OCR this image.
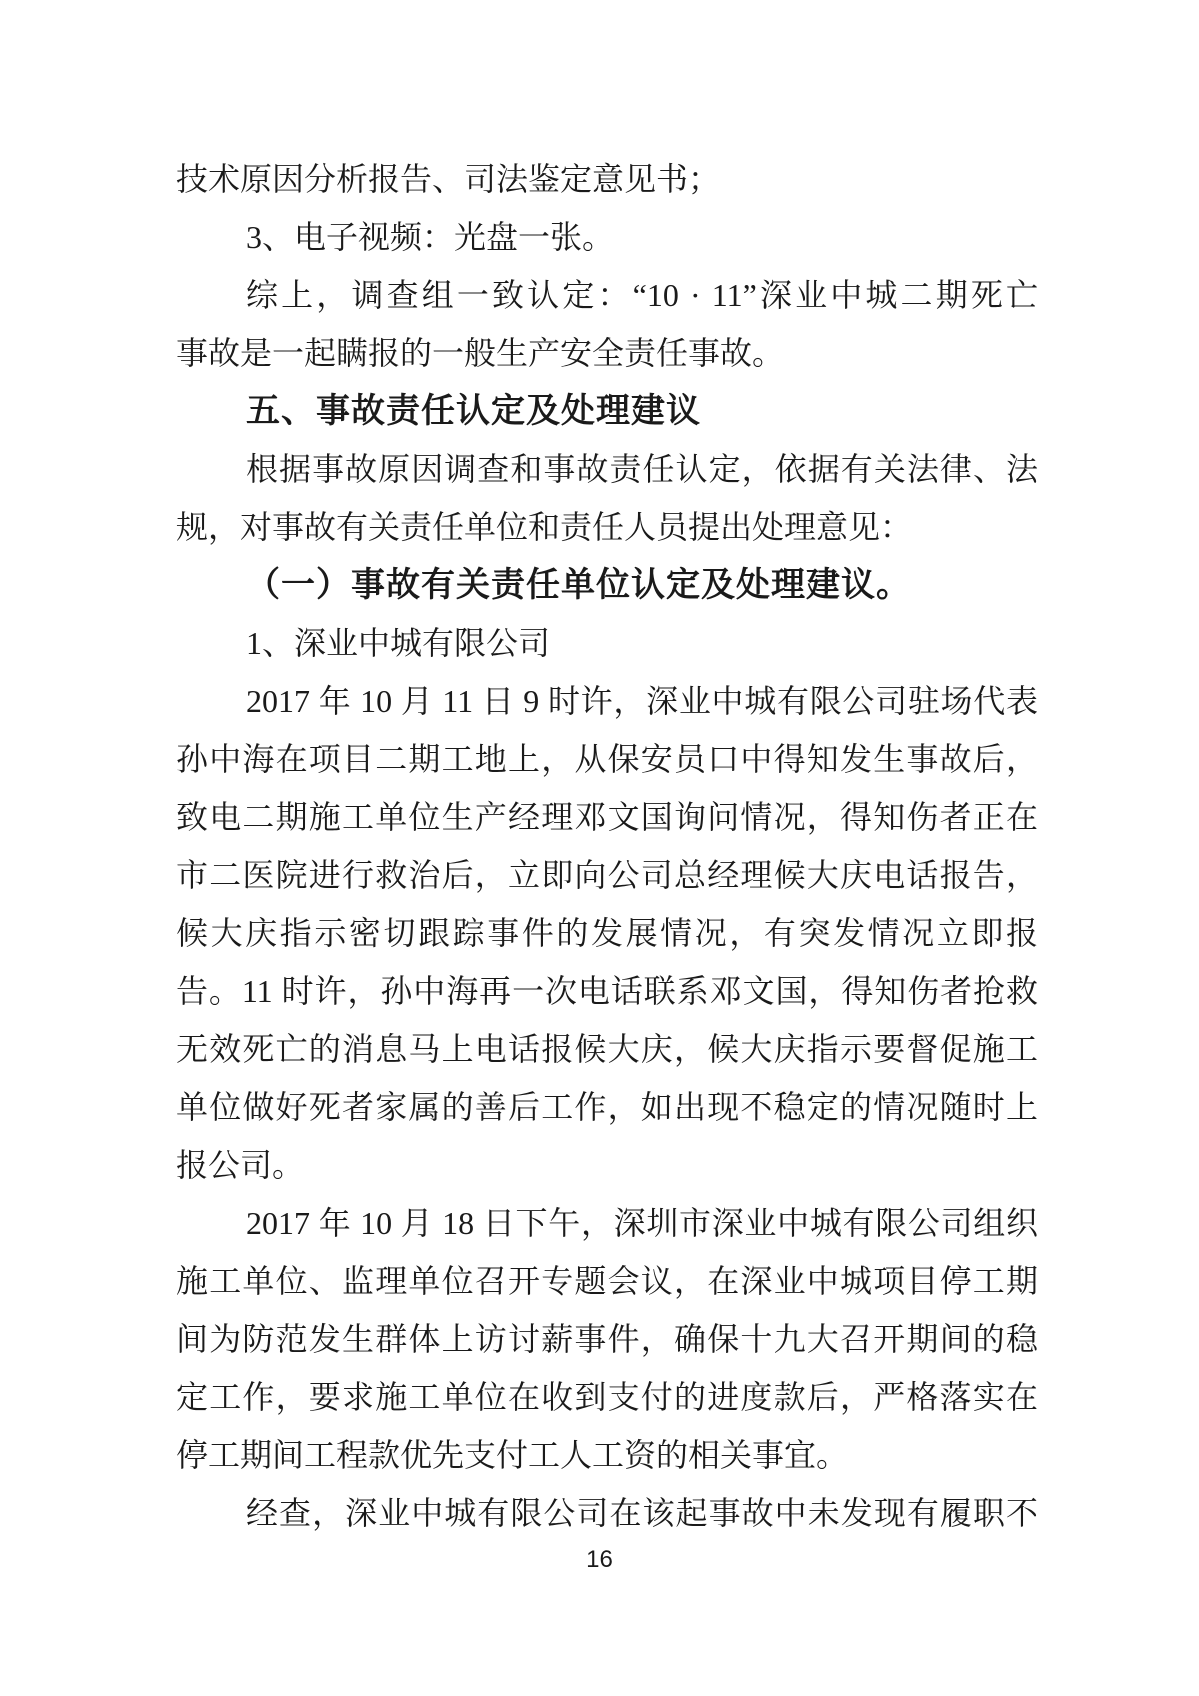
技术原因分析报告、司法鉴定意见书；
3、电子视频：光盘一张。
综上，调查组一致认定：“10 · 11”深业中城二期死亡
事故是一起瞒报的一般生产安全责任事故。
五、事故责任认定及处理建议
根据事故原因调查和事故责任认定，依据有关法律、法
规，对事故有关责任单位和责任人员提出处理意见：
（一）事故有关责任单位认定及处理建议。
1、深业中城有限公司
2017 年 10 月 11 日 9 时许，深业中城有限公司驻场代表
孙中海在项目二期工地上，从保安员口中得知发生事故后，
致电二期施工单位生产经理邓文国询问情况，得知伤者正在
市二医院进行救治后，立即向公司总经理候大庆电话报告，
候大庆指示密切跟踪事件的发展情况，有突发情况立即报
告。11 时许，孙中海再一次电话联系邓文国，得知伤者抢救
无效死亡的消息马上电话报候大庆，候大庆指示要督促施工
单位做好死者家属的善后工作，如出现不稳定的情况随时上
报公司。
2017 年 10 月 18 日下午，深圳市深业中城有限公司组织
施工单位、监理单位召开专题会议，在深业中城项目停工期
间为防范发生群体上访讨薪事件，确保十九大召开期间的稳
定工作，要求施工单位在收到支付的进度款后，严格落实在
停工期间工程款优先支付工人工资的相关事宜。
经查，深业中城有限公司在该起事故中未发现有履职不
16
